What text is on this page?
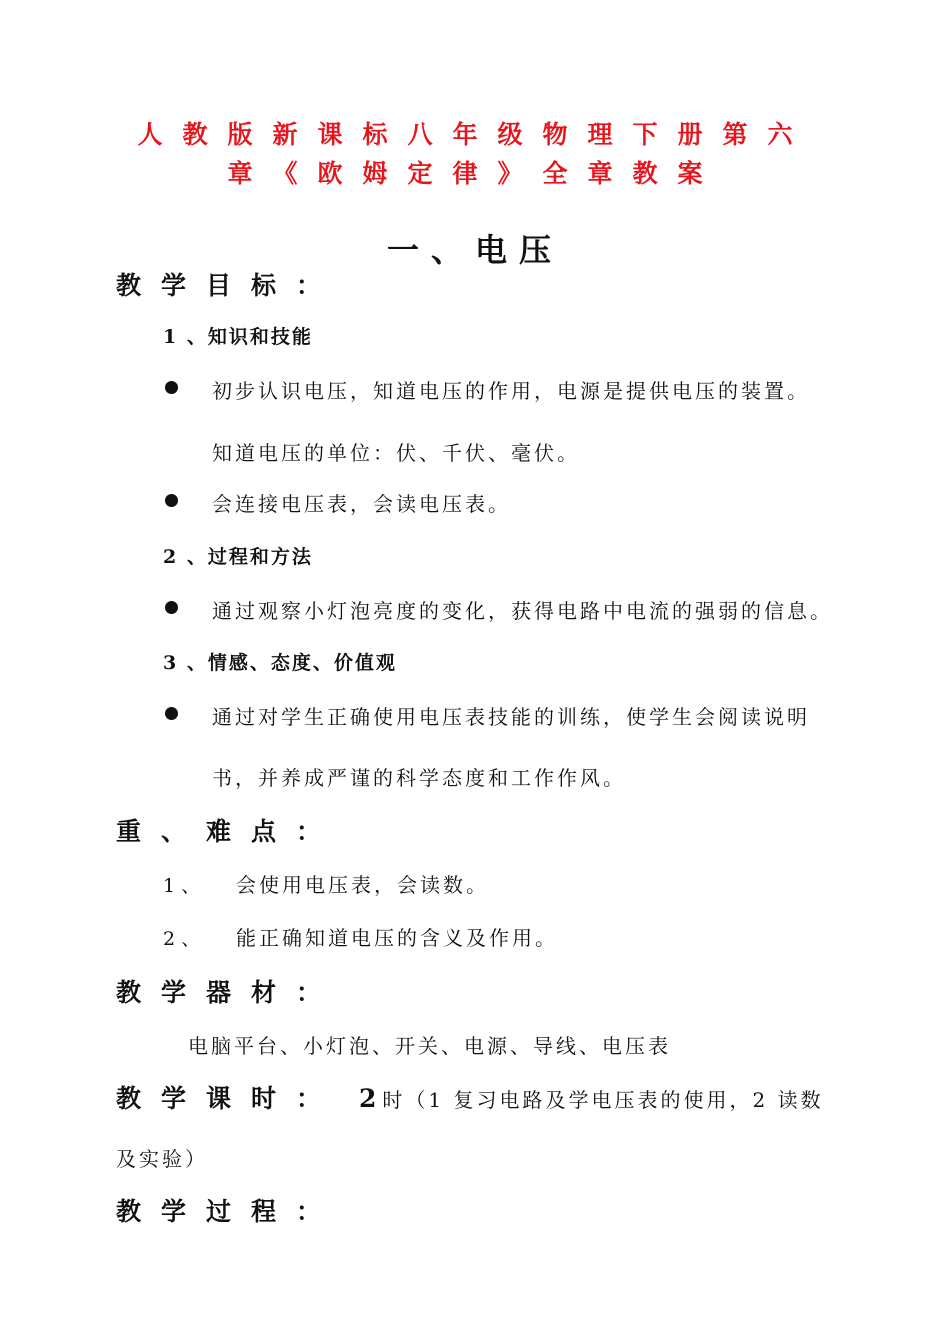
人教版新课标八年级物理下册第六
章《欧姆定律》全章教案
一、电压
教学目标：
1 、知识和技能
初步认识电压，知道电压的作用，电源是提供电压的装置。
知道电压的单位：伏、千伏、毫伏。
会连接电压表，会读电压表。
2 、过程和方法
通过观察小灯泡亮度的变化，获得电路中电流的强弱的信息。
3 、情感、态度、价值观
通过对学生正确使用电压表技能的训练，使学生会阅读说明
书，并养成严谨的科学态度和工作作风。
重、难点：
1 、 会使用电压表，会读数。
2 、 能正确知道电压的含义及作用。
教学器材：
电脑平台、小灯泡、开关、电源、导线、电压表
教学课时： 2 时（1 复习电路及学电压表的使用，2 读数
及实验）
教学过程：
